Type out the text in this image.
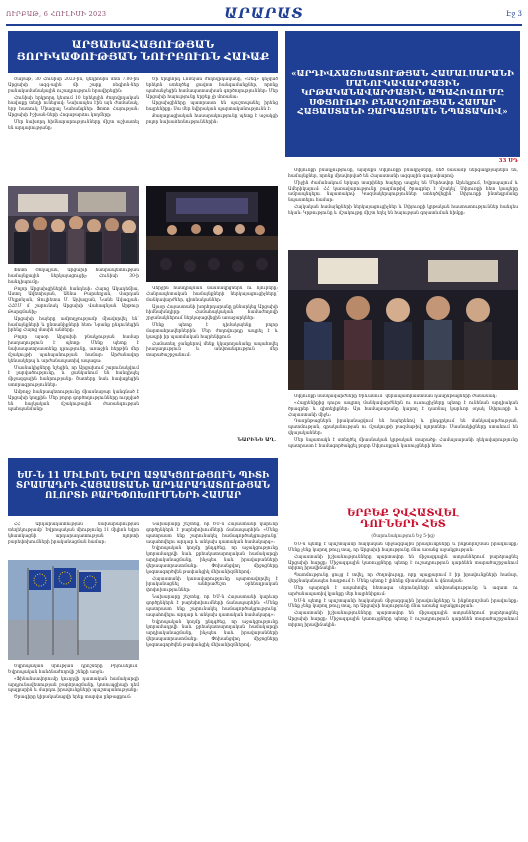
ՈՒՐԲԱԹ, 6 ՀՈՒԼԻՍԻ 2023	ԱՐԱՐԱՏ	Էջ 3
ԱՐՑԱԽԱՀԱՅՈՒԹՅԱՆ
ՅՈՐԻԿԱՓՈՒԹՅԱՆ ՆՈՒՐԲՈՒՌՆ ՀԱԻԱՔ

Շաբաթ, 30 Հունիսի 2023-ին, կեդրոնին մոտ 7.00-ին Արցախի ազգ-ային մի շարք ռեգիոն-ներ բանակամանակային ուշադրություն հրավիրեցին։

Հունիսի երկրորդ կեսում 10 երեկոյին ժողովրդական հավաքը տեղի ունեցավ։ Նախապես էին այն ժամանակ, երբ հատուկ Միացյալ Նահանգներ։ Ֆոտո Հայության: Արցախի Իշխան-ների Հոգաբարձու կողմերը։

Մեր նախորդ հիմնարարությունները միշտ աշխատել են արդարությանը։

Եր երկրորդ Լոռեյան ժողովրդականը, «Զեգ» կոչված երեկոն ստեղծեց ցավոտ հանգամանքներ, որոնք պահանջեցին համապատասխան գործողություններ։ Մեր Արցախի հայությունը երբեք չի մոռանա։

Արցախցիները պատրաստ են պաշտպանել իրենց հայրենիքը։ Սա մեր նվիրական պարտականությունն է։

Քաղաքացիական հասարակությունը պետք է աջակցի բոլոր նախաձեռնություններին։

Ֆոտո Շողալյան, Արցախի հանրապետության համայնքային ներկայացուցիչ։ Հունիսի 30-ի հանդիպումը։

Բոլոր Արցախցիներին հանդեսի։ Հայոց Ակադեմիա, Աստղ Ավետիսյան, Աննա Բարսեղյան, Վարդան Մելքոնյան, Ջուլիետա Մ. Այվազյան, Նանե Ավագյան։ ՀՀԸՄ մ շարունակ Արցախի Վահագնյան Արթուր Թարգմանիչ։

Արցախի հայերը ամբողջությամբ միավորվել են՝ համայնքների և ընտանիքների հետ։ Նրանք ընդունեցին իրենց Հայոց մասին անձերը։

Բոլոր այսօր Արցախի բնակչության համար խաղաղություն է պետք։ Մենք պետք է նախապատրաստենք դրությունը, առաջին հերթին մեր մշակույթի պահպանության համար։ Արժանավոր կենսակերպ և արժանապատիվ ապագա։

Մասնակիցները նշեցին, որ Արցախում շարունակվում է լարվածությունը, և ցանկանում են հանդիպել միջազգային հանրությանը։ Շատերը նաև հավաքեցին ստորագրություններ։

Ամբողջ հանրապետությունը միասնաբար կանգնած է Արցախի կողքին։ Մեր բոլոր գործողությունները ուղղված են հայկական մշակութային ժառանգության պահպանմանը։

Վերջին հանդիպման մասնակիցներն ու հյուրերը։ Հանրապետական համայնքների ներկայացուցիչները՝ մանկավարժներ, գիտնականներ։

Այսօր Հայաստանի խորհրդարանը քննարկեց Արցախի հիմնախնդիրը։ Համահայկական համաժողովի շրջանակներում ներկայացվեցին առաջարկներ։

Մենք պետք է դիմակայենք բոլոր մարտահրավերներին։ Մեր ժողովուրդը ապրել է և կապրի իր պատմական հայրենիքում։

Համատեղ ջանքերով մենք կկարողանանք ապահովել խաղաղություն և անվտանգություն մեր տարածաշրջանում։

ՆԱՐԻՆԵ ԱՂ.
«ԱՐԴԻՎՃԱՇԽԱՏՈՒԹՅԱՆ ՀԱՄԱԼՍԱՐԱՆԻ
ՄԱՆՈՒԿԱՎԱՐԺԱՑԻՆ
ԿՐԹԱԿԱՆԱՎԱՐԺԱՅԻՆ ԱՊԱՀՈՎՈՒՄԸ
ՍՓՅՈՒՌՔԻ ԲՆԱԿՉՈՒԹՅԱՆ ՀԱՄԱՐ
ՀԱՅԱՍՏԱՆԻ ԶԱՐԳԱՑՄԱՆ ՆՊԱՏԱԿՈՎ»
33 ՍԴ

Սփյուռքի բնակչությունը, այսինքն Սփյուռքի բնակիչները, մեծ մասամբ ներգաղթյալներն են, համայնքներ, որոնք միավորված են Հայաստանի ազգային գաղափարով։

Միջին ժամանակում երկար տարիներ հայերը ապրել են Մերձավոր Արևելքում, Եվրոպայում և Ամերիկայում։ ՀՀ կառավարությունը բազմաթիվ ծրագրեր է մշակել՝ Սփյուռքի հետ կապերը ամրապնդելու նպատակով։ Կազմակերպություններ ստեղծվեցին՝ Սփյուռքի ինտեգրմանը նպաստելու համար։

Հայկական համայնքների ներկայացուցիչներ և Սփյուռքի կրթական հաստատություններ հանդես եկան։ Կրթությունը և մշակույթը միշտ եղել են հայության գոյատևման հիմքը։

Սփյուռքի մանկավարժները Երևանում՝ վերապատրաստման դասընթացների ժամանակ։

«Հայրենիքից դուրս ապրող մանկավարժներն ու ուսուցիչները պետք է ունենան արդիական ծրագրեր և գիտելիքներ։ Այս համալսարանը կարող է դառնալ կարևոր օղակ Սփյուռքի և Հայաստանի միջև։

Դասընթացներն իրականացվում են հայերենով և ընդգրկում են մանկավարժության, պատմության, գրականության ու մշակույթի բազմաթիվ ոլորտներ։ Մասնակիցները ստանում են վկայականներ։

Մեր նպատակն է ստեղծել միասնական կրթական տարածք։ Համալսարանի ղեկավարությունը պատրաստ է համագործակցել բոլոր Սփյուռքյան կառույցների հետ։

ԵՐԲԵՔ ՉՎՀԱՏՎԵԼ
ԴՈՒՆԵՐԻ ՀԵՏ
(Շարունակություն Եջ 5-ից)

ԵՄ-ն պետք է պաշտպանի հայկական միջազգային իրավունքները և ինքնորոշման իրավունքը։ Մենք չենք կարող թույլ տալ, որ Արցախի հայությունը մնա առանց աջակցության։

Հայաստանի իշխանությունները պարտավոր են միջազգային ատյաններում բարձրացնել Արցախի հարցը։ Միջազգային կառույցները պետք է ուշադրություն դարձնեն տարածաշրջանում տիրող իրավիճակին։

Պատմությունը ցույց է տվել, որ ժողովուրդը, որը պայքարում է իր իրավունքների համար, վերջնականապես հաղթում է։ Մենք պետք է լինենք միասնական և վճռական։

Մեր պարտքն է ապահովել հետագա սերունդների անվտանգությունը և ազատ ու արժանապատիվ կյանքը մեր հայրենիքում։

ԵՄ-ն պետք է պաշտպանի հայկական միջազգային իրավունքները և ինքնորոշման իրավունքը։ Մենք չենք կարող թույլ տալ, որ Արցախի հայությունը մնա առանց աջակցության։

Հայաստանի իշխանությունները պարտավոր են միջազգային ատյաններում բարձրացնել Արցախի հարցը։ Միջազգային կառույցները պետք է ուշադրություն դարձնեն տարածաշրջանում տիրող իրավիճակին։

ԵՄ-Ն 11 ՄԻԼԻՈՆ ԵՎՐՈ ԱՋԱԿՑՈՒԹՅՈՒՆ ՊԻՏԻ
ՏՐԱՄԱԴՐԻ ՀԱՅԱՍՏԱՆԻ ԱՐԴԱՐԱԴԱՏՈՒԹՅԱՆ
ՈԼՈՐՏԻ ԲԱՐԵՓՈԽՈՒՄՆԵՐԻ ՀԱՄԱՐ

ՀՀ Արդարադատության նախարարության տեղեկությամբ՝ Եվրոպական միությունը 11 միլիոն եվրո կհատկացնի արդարադատության ոլորտի բարեփոխումների իրականացման համար։

Եվրոպական միության դրոշները Բրյուսելում՝ Եվրոպական հանձնաժողովի շենքի առջև։

«Ֆինանսավորումը կուղղվի դատական համակարգի արդյունավետության բարձրացմանը, կոռուպցիայի դեմ պայքարին և մարդու իրավունքների պաշտպանությանը։

Ծրագիրը կիրականացվի երեք տարվա ընթացքում։

Նախարարը շեշտեց, որ ԵՄ-ն Հայաստանի կարևոր գործընկերն է բարեփոխումների ճանապարհին։ «Մենք պատրաստ ենք շարունակել համագործակցությունը՝ ապահովելու արդար և անկախ դատական համակարգ»։

Եվրոպական կողմը ընդգծեց, որ աջակցությունը կտրամադրվի նաև քրեակատարողական համակարգի արդիականացմանը, ինչպես նաև իրավաբանների վերապատրաստմանը։ Փոխանցվող միջոցները կօգտագործվեն թափանցիկ մեխանիզմներով։

Հայաստանի կառավարությունը պարտավորվել է իրականացնել անհրաժեշտ օրենսդրական փոփոխություններ։

Նախարարը շեշտեց, որ ԵՄ-ն Հայաստանի կարևոր գործընկերն է բարեփոխումների ճանապարհին։ «Մենք պատրաստ ենք շարունակել համագործակցությունը՝ ապահովելու արդար և անկախ դատական համակարգ»։

Եվրոպական կողմը ընդգծեց, որ աջակցությունը կտրամադրվի նաև քրեակատարողական համակարգի արդիականացմանը, ինչպես նաև իրավաբանների վերապատրաստմանը։ Փոխանցվող միջոցները կօգտագործվեն թափանցիկ մեխանիզմներով։
